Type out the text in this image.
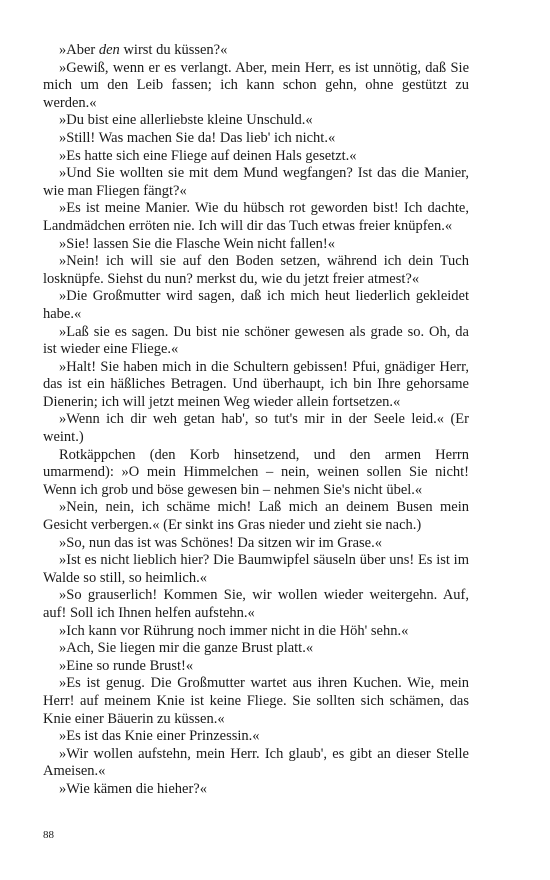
»Aber den wirst du küssen?«

»Gewiß, wenn er es verlangt. Aber, mein Herr, es ist unnötig, daß Sie mich um den Leib fassen; ich kann schon gehn, ohne gestützt zu werden.«

»Du bist eine allerliebste kleine Unschuld.«

»Still! Was machen Sie da! Das lieb' ich nicht.«

»Es hatte sich eine Fliege auf deinen Hals gesetzt.«

»Und Sie wollten sie mit dem Mund wegfangen? Ist das die Manier, wie man Fliegen fängt?«

»Es ist meine Manier. Wie du hübsch rot geworden bist! Ich dachte, Landmädchen erröten nie. Ich will dir das Tuch etwas freier knüpfen.«

»Sie! lassen Sie die Flasche Wein nicht fallen!«

»Nein! ich will sie auf den Boden setzen, während ich dein Tuch losknüpfe. Siehst du nun? merkst du, wie du jetzt freier atmest?«

»Die Großmutter wird sagen, daß ich mich heut liederlich gekleidet habe.«

»Laß sie es sagen. Du bist nie schöner gewesen als grade so. Oh, da ist wieder eine Fliege.«

»Halt! Sie haben mich in die Schultern gebissen! Pfui, gnädiger Herr, das ist ein häßliches Betragen. Und überhaupt, ich bin Ihre gehorsame Dienerin; ich will jetzt meinen Weg wieder allein fortsetzen.«

»Wenn ich dir weh getan hab', so tut's mir in der Seele leid.« (Er weint.)

Rotkäppchen (den Korb hinsetzend, und den armen Herrn umarmend): »O mein Himmelchen – nein, weinen sollen Sie nicht! Wenn ich grob und böse gewesen bin – nehmen Sie's nicht übel.«

»Nein, nein, ich schäme mich! Laß mich an deinem Busen mein Gesicht verbergen.« (Er sinkt ins Gras nieder und zieht sie nach.)

»So, nun das ist was Schönes! Da sitzen wir im Grase.«

»Ist es nicht lieblich hier? Die Baumwipfel säuseln über uns! Es ist im Walde so still, so heimlich.«

»So grauserlich! Kommen Sie, wir wollen wieder weitergehn. Auf, auf! Soll ich Ihnen helfen aufstehn.«

»Ich kann vor Rührung noch immer nicht in die Höh' sehn.«

»Ach, Sie liegen mir die ganze Brust platt.«

»Eine so runde Brust!«

»Es ist genug. Die Großmutter wartet aus ihren Kuchen. Wie, mein Herr! auf meinem Knie ist keine Fliege. Sie sollten sich schämen, das Knie einer Bäuerin zu küssen.«

»Es ist das Knie einer Prinzessin.«

»Wir wollen aufstehn, mein Herr. Ich glaub', es gibt an dieser Stelle Ameisen.«

»Wie kämen die hieher?«

88
